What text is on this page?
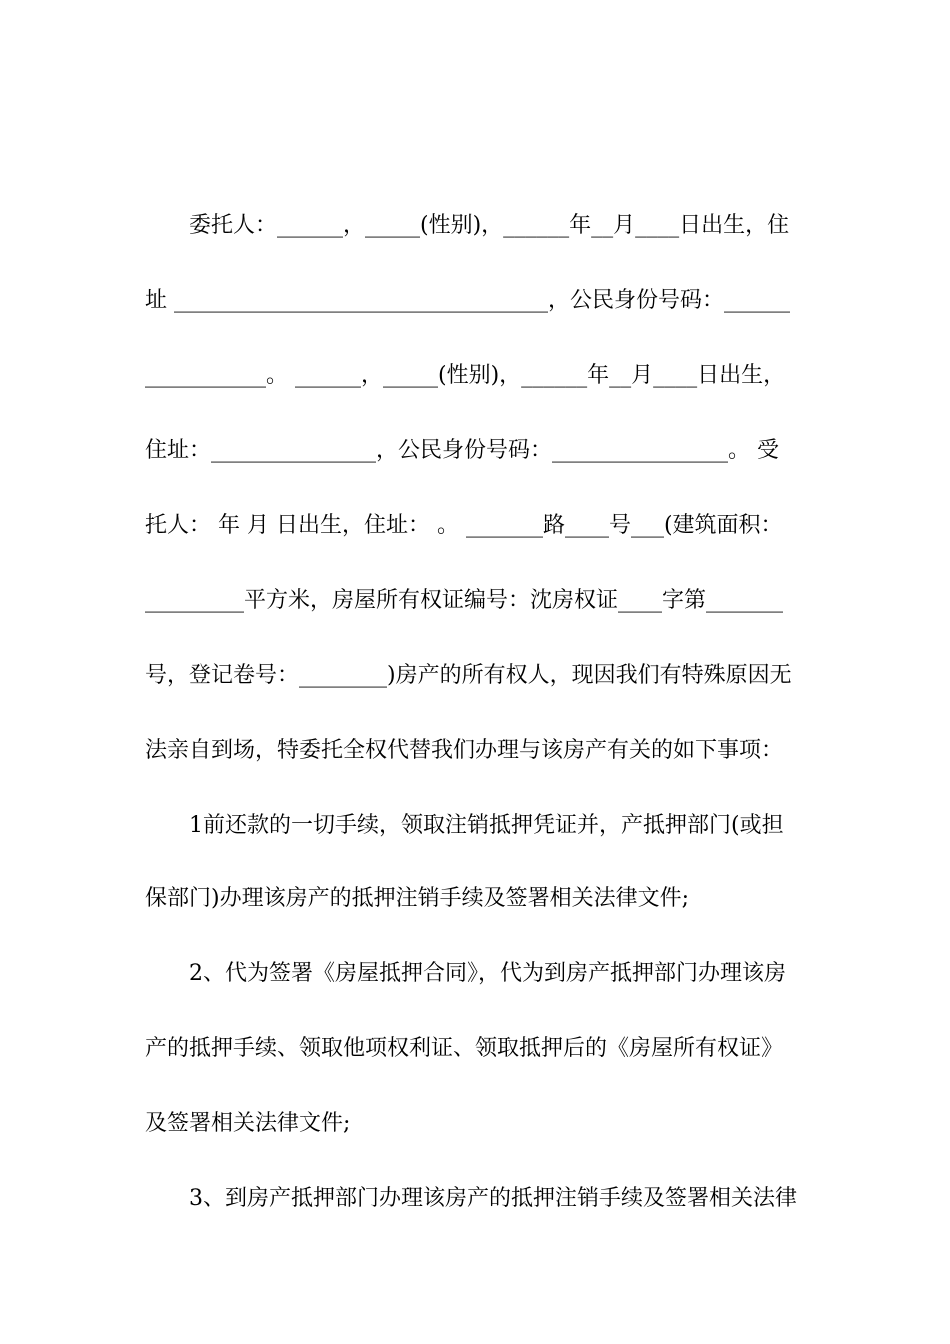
委托人：______，_____(性别)，______年__月____日出生，住
址 __________________________________，公民身份号码：______
___________。 ______，_____(性别)，______年__月____日出生，
住址：_______________，公民身份号码：________________。 受
托人： 年 月 日出生，住址： 。 _______路____号___(建筑面积：
_________平方米，房屋所有权证编号：沈房权证____字第_______
号，登记卷号：________)房产的所有权人，现因我们有特殊原因无
法亲自到场，特委托全权代替我们办理与该房产有关的如下事项：
1前还款的一切手续，领取注销抵押凭证并，产抵押部门(或担
保部门)办理该房产的抵押注销手续及签署相关法律文件;
2、代为签署《房屋抵押合同》，代为到房产抵押部门办理该房
产的抵押手续、领取他项权利证、领取抵押后的《房屋所有权证》
及签署相关法律文件;
3、到房产抵押部门办理该房产的抵押注销手续及签署相关法律
